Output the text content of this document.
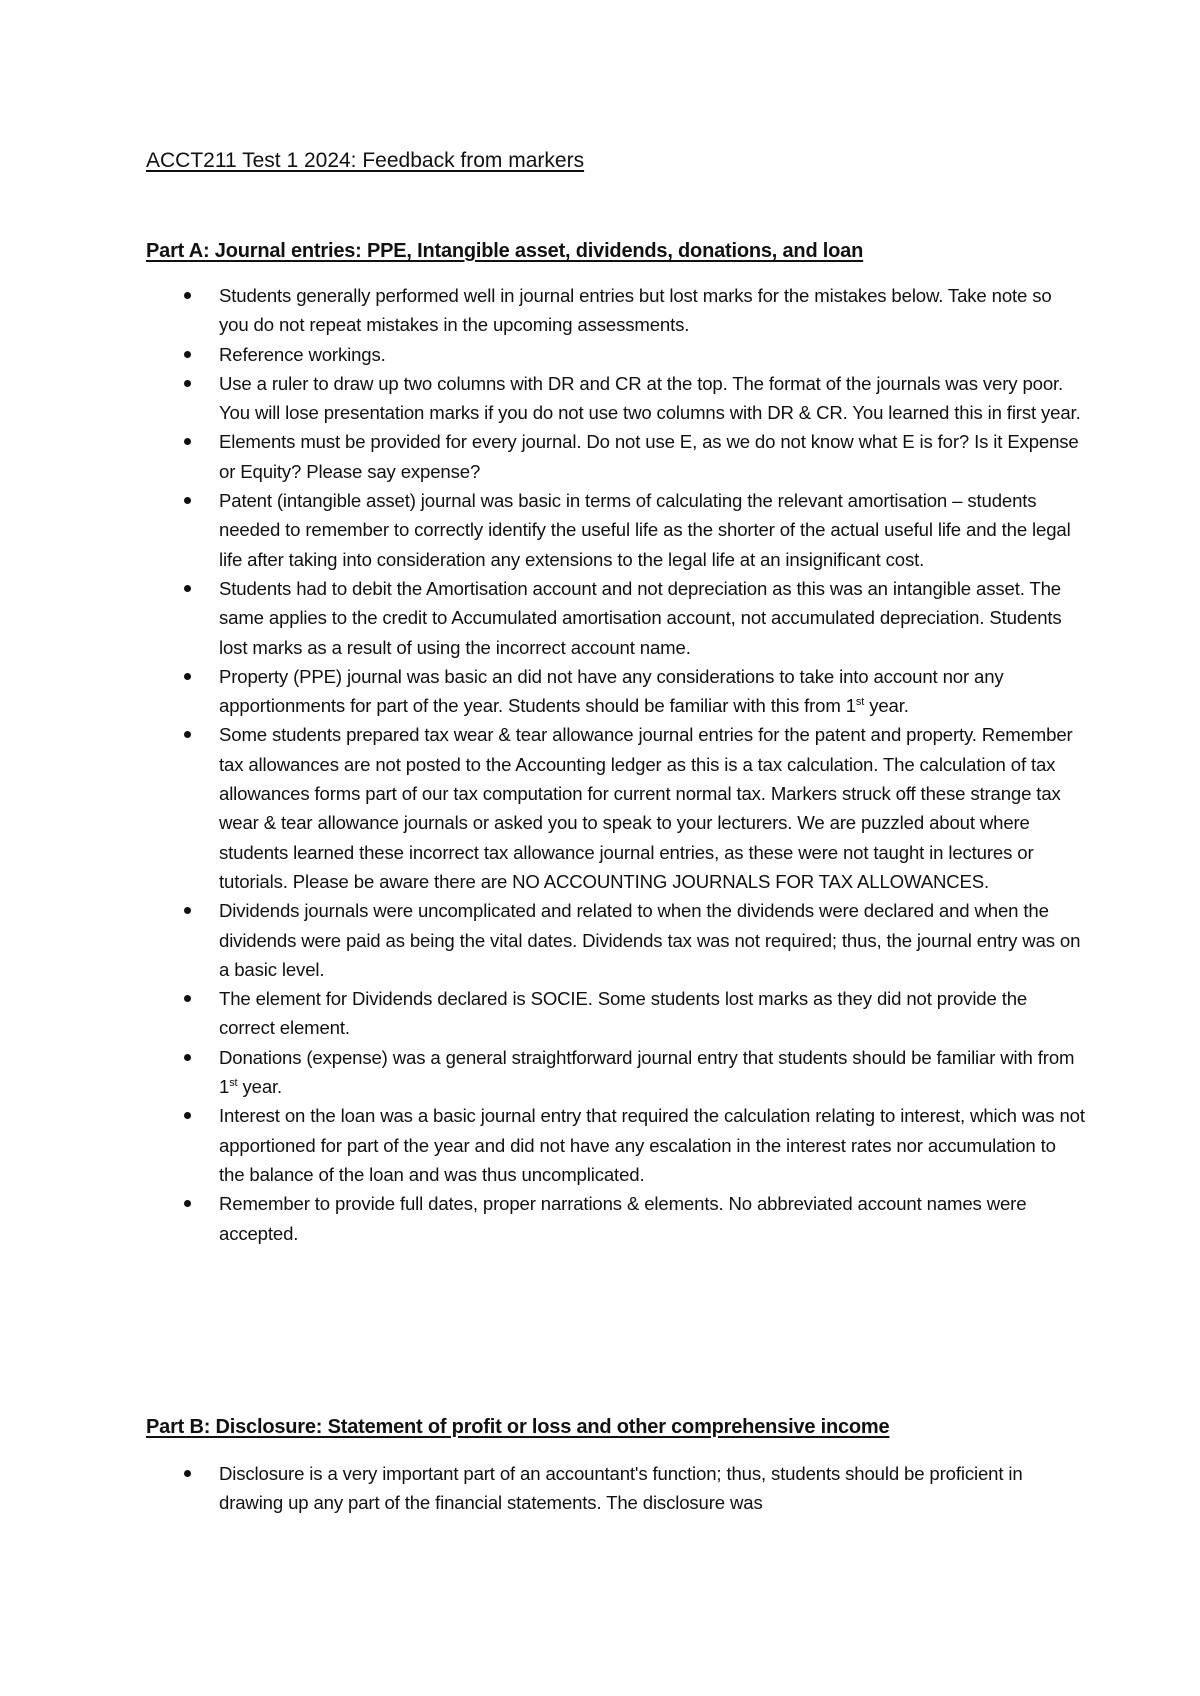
ACCT211 Test 1 2024: Feedback from markers
Part A: Journal entries: PPE, Intangible asset, dividends, donations, and loan
Students generally performed well in journal entries but lost marks for the mistakes below. Take note so you do not repeat mistakes in the upcoming assessments.
Reference workings.
Use a ruler to draw up two columns with DR and CR at the top. The format of the journals was very poor. You will lose presentation marks if you do not use two columns with DR & CR. You learned this in first year.
Elements must be provided for every journal. Do not use E, as we do not know what E is for? Is it Expense or Equity? Please say expense?
Patent (intangible asset) journal was basic in terms of calculating the relevant amortisation – students needed to remember to correctly identify the useful life as the shorter of the actual useful life and the legal life after taking into consideration any extensions to the legal life at an insignificant cost.
Students had to debit the Amortisation account and not depreciation as this was an intangible asset. The same applies to the credit to Accumulated amortisation account, not accumulated depreciation. Students lost marks as a result of using the incorrect account name.
Property (PPE) journal was basic an did not have any considerations to take into account nor any apportionments for part of the year. Students should be familiar with this from 1st year.
Some students prepared tax wear & tear allowance journal entries for the patent and property. Remember tax allowances are not posted to the Accounting ledger as this is a tax calculation. The calculation of tax allowances forms part of our tax computation for current normal tax. Markers struck off these strange tax wear & tear allowance journals or asked you to speak to your lecturers. We are puzzled about where students learned these incorrect tax allowance journal entries, as these were not taught in lectures or tutorials. Please be aware there are NO ACCOUNTING JOURNALS FOR TAX ALLOWANCES.
Dividends journals were uncomplicated and related to when the dividends were declared and when the dividends were paid as being the vital dates. Dividends tax was not required; thus, the journal entry was on a basic level.
The element for Dividends declared is SOCIE. Some students lost marks as they did not provide the correct element.
Donations (expense) was a general straightforward journal entry that students should be familiar with from 1st year.
Interest on the loan was a basic journal entry that required the calculation relating to interest, which was not apportioned for part of the year and did not have any escalation in the interest rates nor accumulation to the balance of the loan and was thus uncomplicated.
Remember to provide full dates, proper narrations & elements. No abbreviated account names were accepted.
Part B: Disclosure: Statement of profit or loss and other comprehensive income
Disclosure is a very important part of an accountant's function; thus, students should be proficient in drawing up any part of the financial statements. The disclosure was
